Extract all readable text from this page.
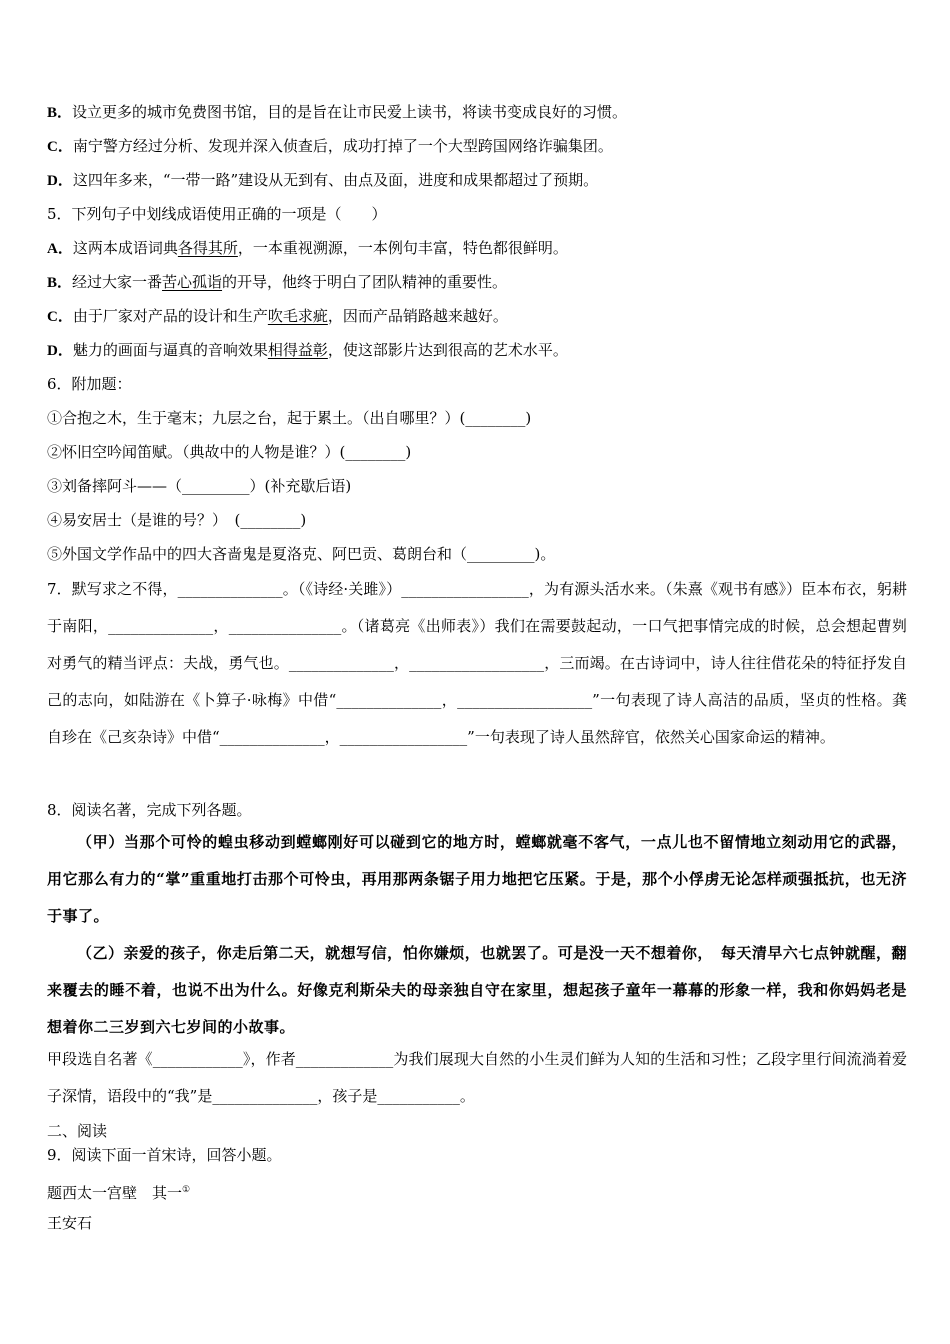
B．设立更多的城市免费图书馆，目的是旨在让市民爱上读书，将读书变成良好的习惯。
C．南宁警方经过分析、发现并深入侦查后，成功打掉了一个大型跨国网络诈骗集团。
D．这四年多来，“一带一路”建设从无到有、由点及面，进度和成果都超过了预期。
5．下列句子中划线成语使用正确的一项是（　　）
A．这两本成语词典各得其所，一本重视溯源，一本例句丰富，特色都很鲜明。
B．经过大家一番苦心孤诣的开导，他终于明白了团队精神的重要性。
C．由于厂家对产品的设计和生产吹毛求疵，因而产品销路越来越好。
D．魅力的画面与逼真的音响效果相得益彰，使这部影片达到很高的艺术水平。
6．附加题：
①合抱之木，生于毫末；九层之台，起于累土。（出自哪里？）(________)
②怀旧空吟闻笛赋。（典故中的人物是谁？）(________)
③刘备摔阿斗——（_________）(补充歇后语)
④易安居士（是谁的号？）　(________)
⑤外国文学作品中的四大吝啬鬼是夏洛克、阿巴贡、葛朗台和（_________)。
7．默写求之不得，______________。（《诗经·关雎》）_________________，为有源头活水来。（朱熹《观书有感》）臣本布衣，躬耕于南阳，______________，_______________。（诸葛亮《出师表》）我们在需要鼓起动，一口气把事情完成的时候，总会想起曹刿对勇气的精当评点：夫战，勇气也。______________，__________________，三而竭。在古诗词中，诗人往往借花朵的特征抒发自己的志向，如陆游在《卜算子·咏梅》中借“______________，__________________”一句表现了诗人高洁的品质，坚贞的性格。龚自珍在《己亥杂诗》中借“______________，_________________”一句表现了诗人虽然辞官，依然关心国家命运的精神。
8．阅读名著，完成下列各题。
（甲）当那个可怜的蝗虫移动到螳螂刚好可以碰到它的地方时，螳螂就毫不客气，一点儿也不留情地立刻动用它的武器，用它那么有力的“掌”重重地打击那个可怜虫，再用那两条锯子用力地把它压紧。于是，那个小俘虏无论怎样顽强抵抗，也无济于事了。
（乙）亲爱的孩子，你走后第二天，就想写信，怕你嫌烦，也就罢了。可是没一天不想着你，　每天清早六七点钟就醒，翻来覆去的睡不着，也说不出为什么。好像克利斯朵夫的母亲独自守在家里，想起孩子童年一幕幕的形象一样，我和你妈妈老是想着你二三岁到六七岁间的小故事。
甲段选自名著《____________》，作者_____________为我们展现大自然的小生灵们鲜为人知的生活和习性；乙段字里行间流淌着爱子深情，语段中的“我”是______________，孩子是___________。
二、阅读
9．阅读下面一首宋诗，回答小题。
题西太一宫壁　其一①
王安石
